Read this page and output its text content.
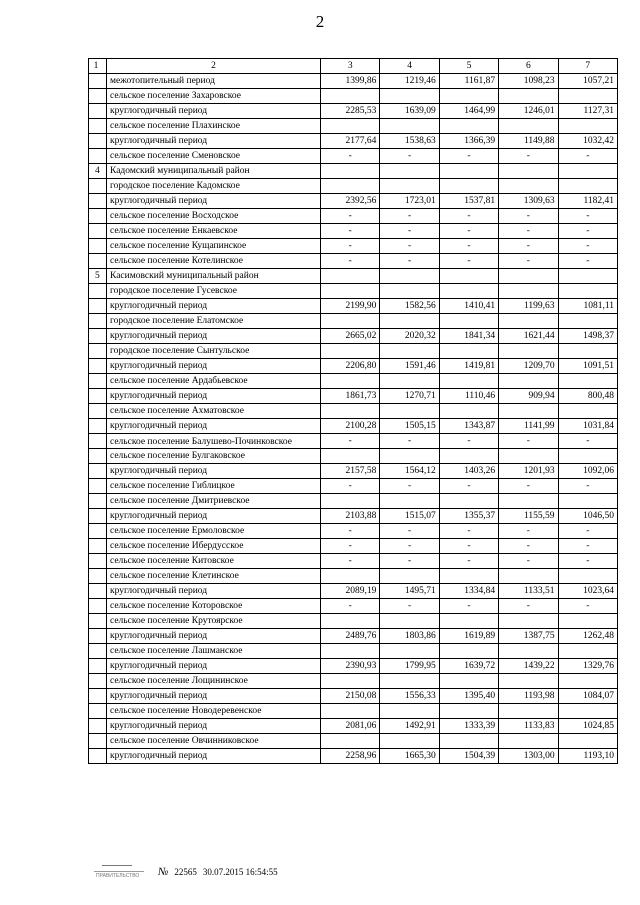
2
1	2	3	4	5	6	7
	межотопительный период	1399,86	1219,46	1161,87	1098,23	1057,21
	сельское поселение Захаровское					
	круглогодичный период	2285,53	1639,09	1464,99	1246,01	1127,31
	сельское поселение Плахинское					
	круглогодичный период	2177,64	1538,63	1366,39	1149,88	1032,42
	сельское поселение Сменовское	-	-	-	-	-
4	Кадомский муниципальный район					
	городское поселение Кадомское					
	круглогодичный период	2392,56	1723,01	1537,81	1309,63	1182,41
	сельское поселение Восходское	-	-	-	-	-
	сельское поселение Енкаевское	-	-	-	-	-
	сельское поселение Кущапинское	-	-	-	-	-
	сельское поселение Котелинское	-	-	-	-	-
5	Касимовский муниципальный район					
	городское поселение Гусевское					
	круглогодичный период	2199,90	1582,56	1410,41	1199,63	1081,11
	городское поселение Елатомское					
	круглогодичный период	2665,02	2020,32	1841,34	1621,44	1498,37
	городское поселение Сынтульское					
	круглогодичный период	2206,80	1591,46	1419,81	1209,70	1091,51
	сельское поселение Ардабьевское					
	круглогодичный период	1861,73	1270,71	1110,46	909,94	800,48
	сельское поселение Ахматовское					
	круглогодичный период	2100,28	1505,15	1343,87	1141,99	1031,84
	сельское поселение Балушево-Починковское	-	-	-	-	-
	сельское поселение Булгаковское					
	круглогодичный период	2157,58	1564,12	1403,26	1201,93	1092,06
	сельское поселение Гиблицкое	-	-	-	-	-
	сельское поселение Дмитриевское					
	круглогодичный период	2103,88	1515,07	1355,37	1155,59	1046,50
	сельское поселение Ермоловское	-	-	-	-	-
	сельское поселение Ибердусское	-	-	-	-	-
	сельское поселение Китовское	-	-	-	-	-
	сельское поселение Клетинское					
	круглогодичный период	2089,19	1495,71	1334,84	1133,51	1023,64
	сельское поселение Которовское	-	-	-	-	-
	сельское поселение Крутоярское					
	круглогодичный период	2489,76	1803,86	1619,89	1387,75	1262,48
	сельское поселение Лашманское					
	круглогодичный период	2390,93	1799,95	1639,72	1439,22	1329,76
	сельское поселение Лощининское					
	круглогодичный период	2150,08	1556,33	1395,40	1193,98	1084,07
	сельское поселение Новодеревенское					
	круглогодичный период	2081,06	1492,91	1333,39	1133,83	1024,85
	сельское поселение Овчинниковское					
	круглогодичный период	2258,96	1665,30	1504,39	1303,00	1193,10
ПРАВИТЕЛЬСТВО № 22565 30.07.2015 16:54:55
